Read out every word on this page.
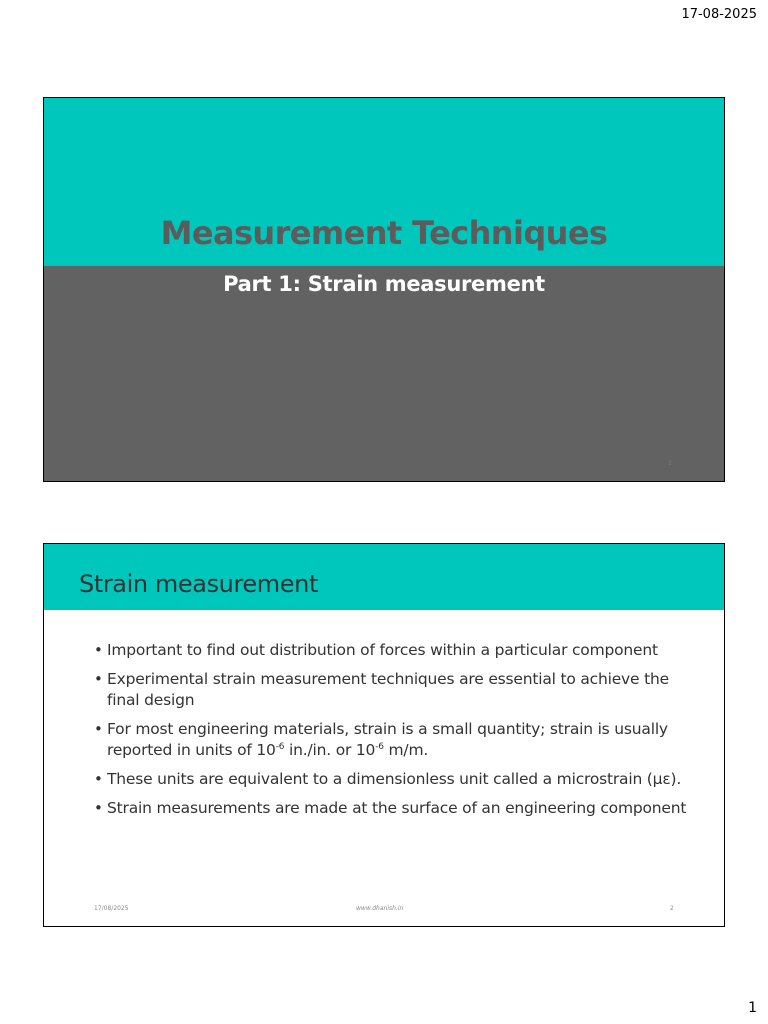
17-08-2025
Measurement Techniques
Part 1: Strain measurement
1
Strain measurement
• Important to find out distribution of forces within a particular component
• Experimental strain measurement techniques are essential to achieve the final design
• For most engineering materials, strain is a small quantity; strain is usually reported in units of $10^{-6}$ in./in. or $10^{-6}$ m/m.
• These units are equivalent to a dimensionless unit called a microstrain (με).
• Strain measurements are made at the surface of an engineering component
17/08/2025	www.dhanish.in	2
1
